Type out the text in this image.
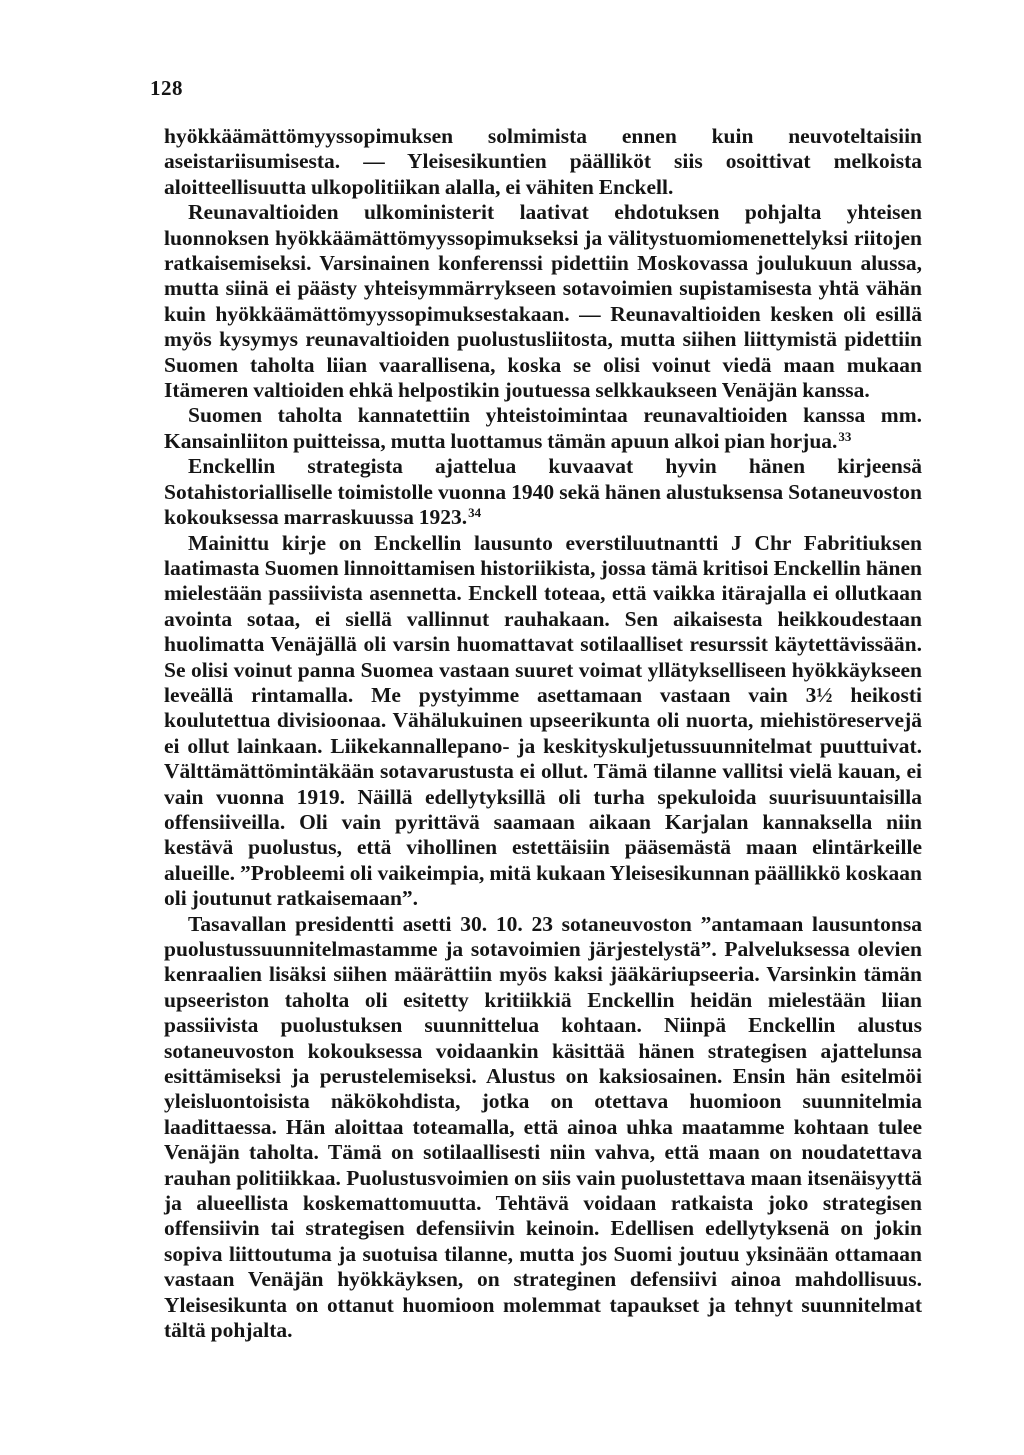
128

hyökkäämättömyyssopimuksen solmimista ennen kuin neuvoteltaisiin aseistariisumisesta. — Yleisesikuntien päälliköt siis osoittivat melkoista aloitteellisuutta ulkopolitiikan alalla, ei vähiten Enckell.

Reunavaltioiden ulkoministerit laativat ehdotuksen pohjalta yhteisen luonnoksen hyökkäämättömyyssopimukseksi ja välitystuomiomenettelyksi riitojen ratkaisemiseksi. Varsinainen konferenssi pidettiin Moskovassa joulukuun alussa, mutta siinä ei päästy yhteisymmärrykseen sotavoimien supistamisesta yhtä vähän kuin hyökkäämättömyyssopimuksestakaan. — Reunavaltioiden kesken oli esillä myös kysymys reunavaltioiden puolustusliitosta, mutta siihen liittymistä pidettiin Suomen taholta liian vaarallisena, koska se olisi voinut viedä maan mukaan Itämeren valtioiden ehkä helpostikin joutuessa selkkaukseen Venäjän kanssa.

Suomen taholta kannatettiin yhteistoimintaa reunavaltioiden kanssa mm. Kansainliiton puitteissa, mutta luottamus tämän apuun alkoi pian horjua.$^{33}$

Enckellin strategista ajattelua kuvaavat hyvin hänen kirjeensä Sotahistorialliselle toimistolle vuonna 1940 sekä hänen alustuksensa Sotaneuvoston kokouksessa marraskuussa 1923.34

Mainittu kirje on Enckellin lausunto everstiluutnantti J Chr Fabritiuksen laatimasta Suomen linnoittamisen historiikista, jossa tämä kritisoi Enckellin hänen mielestään passiivista asennetta. Enckell toteaa, että vaikka itärajalla ei ollutkaan avointa sotaa, ei siellä vallinnut rauhakaan. Sen aikaisesta heikkoudestaan huolimatta Venäjällä oli varsin huomattavat sotilaalliset resurssit käytettävissään. Se olisi voinut panna Suomea vastaan suuret voimat yllätykselliseen hyökkäykseen leveällä rintamalla. Me pystyimme asettamaan vastaan vain 3½ heikosti koulutettua divisioonaa. Vähälukuinen upseerikunta oli nuorta, miehistöreservejä ei ollut lainkaan. Liikekannallepano- ja keskityskuljetussuunnitelmat puuttuivat. Välttämättömintäkään sotavarustusta ei ollut. Tämä tilanne vallitsi vielä kauan, ei vain vuonna 1919. Näillä edellytyksillä oli turha spekuloida suurisuuntaisilla offensiiveilla. Oli vain pyrittävä saamaan aikaan Karjalan kannaksella niin kestävä puolustus, että vihollinen estettäisiin pääsemästä maan elintärkeille alueille. ”Probleemi oli vaikeimpia, mitä kukaan Yleisesikunnan päällikkö koskaan oli joutunut ratkaisemaan”.

Tasavallan presidentti asetti 30. 10. 23 sotaneuvoston ”antamaan lausuntonsa puolustussuunnitelmastamme ja sotavoimien järjestelystä”. Palveluksessa olevien kenraalien lisäksi siihen määrättiin myös kaksi jääkäriupseeria. Varsinkin tämän upseeriston taholta oli esitetty kritiikkiä Enckellin heidän mielestään liian passiivista puolustuksen suunnittelua kohtaan. Niinpä Enckellin alustus sotaneuvoston kokouksessa voidaankin käsittää hänen strategisen ajattelunsa esittämiseksi ja perustelemiseksi. Alustus on kaksiosainen. Ensin hän esitelmöi yleisluontoisista näkökohdista, jotka on otettava huomioon suunnitelmia laadittaessa. Hän aloittaa toteamalla, että ainoa uhka maatamme kohtaan tulee Venäjän taholta. Tämä on sotilaallisesti niin vahva, että maan on noudatettava rauhan politiikkaa. Puolustusvoimien on siis vain puolustettava maan itsenäisyyttä ja alueellista koskemattomuutta. Tehtävä voidaan ratkaista joko strategisen offensiivin tai strategisen defensiivin keinoin. Edellisen edellytyksenä on jokin sopiva liittoutuma ja suotuisa tilanne, mutta jos Suomi joutuu yksinään ottamaan vastaan Venäjän hyökkäyksen, on strateginen defensiivi ainoa mahdollisuus. Yleisesikunta on ottanut huomioon molemmat tapaukset ja tehnyt suunnitelmat tältä pohjalta.
